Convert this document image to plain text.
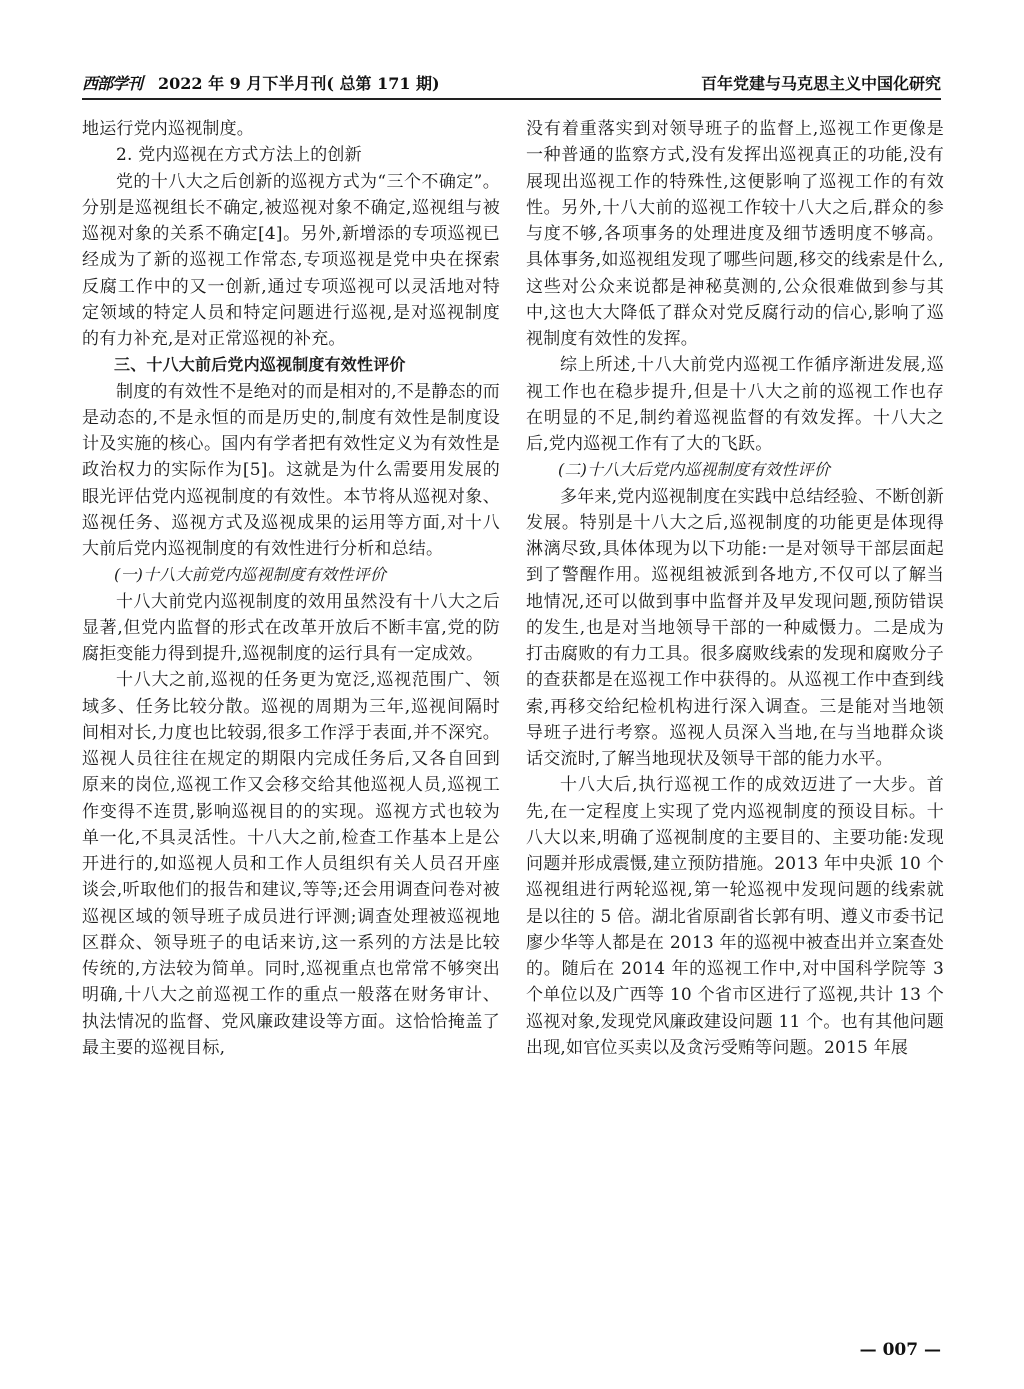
西部学刊 2022 年 9 月下半月刊( 总第 171 期)	百年党建与马克思主义中国化研究

地运行党内巡视制度。

2. 党内巡视在方式方法上的创新

党的十八大之后创新的巡视方式为“三个不确定”。分别是巡视组长不确定,被巡视对象不确定,巡视组与被巡视对象的关系不确定[4]。另外,新增添的专项巡视已经成为了新的巡视工作常态,专项巡视是党中央在探索反腐工作中的又一创新,通过专项巡视可以灵活地对特定领域的特定人员和特定问题进行巡视,是对巡视制度的有力补充,是对正常巡视的补充。

三、十八大前后党内巡视制度有效性评价

制度的有效性不是绝对的而是相对的,不是静态的而是动态的,不是永恒的而是历史的,制度有效性是制度设计及实施的核心。国内有学者把有效性定义为有效性是政治权力的实际作为[5]。这就是为什么需要用发展的眼光评估党内巡视制度的有效性。本节将从巡视对象、巡视任务、巡视方式及巡视成果的运用等方面,对十八大前后党内巡视制度的有效性进行分析和总结。

(一)十八大前党内巡视制度有效性评价

十八大前党内巡视制度的效用虽然没有十八大之后显著,但党内监督的形式在改革开放后不断丰富,党的防腐拒变能力得到提升,巡视制度的运行具有一定成效。

十八大之前,巡视的任务更为宽泛,巡视范围广、领域多、任务比较分散。巡视的周期为三年,巡视间隔时间相对长,力度也比较弱,很多工作浮于表面,并不深究。巡视人员往往在规定的期限内完成任务后,又各自回到原来的岗位,巡视工作又会移交给其他巡视人员,巡视工作变得不连贯,影响巡视目的的实现。巡视方式也较为单一化,不具灵活性。十八大之前,检查工作基本上是公开进行的,如巡视人员和工作人员组织有关人员召开座谈会,听取他们的报告和建议,等等;还会用调查问卷对被巡视区域的领导班子成员进行评测;调查处理被巡视地区群众、领导班子的电话来访,这一系列的方法是比较传统的,方法较为简单。同时,巡视重点也常常不够突出明确,十八大之前巡视工作的重点一般落在财务审计、执法情况的监督、党风廉政建设等方面。这恰恰掩盖了最主要的巡视目标,

没有着重落实到对领导班子的监督上,巡视工作更像是一种普通的监察方式,没有发挥出巡视真正的功能,没有展现出巡视工作的特殊性,这便影响了巡视工作的有效性。另外,十八大前的巡视工作较十八大之后,群众的参与度不够,各项事务的处理进度及细节透明度不够高。具体事务,如巡视组发现了哪些问题,移交的线索是什么,这些对公众来说都是神秘莫测的,公众很难做到参与其中,这也大大降低了群众对党反腐行动的信心,影响了巡视制度有效性的发挥。

综上所述,十八大前党内巡视工作循序渐进发展,巡视工作也在稳步提升,但是十八大之前的巡视工作也存在明显的不足,制约着巡视监督的有效发挥。十八大之后,党内巡视工作有了大的飞跃。

(二)十八大后党内巡视制度有效性评价

多年来,党内巡视制度在实践中总结经验、不断创新发展。特别是十八大之后,巡视制度的功能更是体现得淋漓尽致,具体体现为以下功能:一是对领导干部层面起到了警醒作用。巡视组被派到各地方,不仅可以了解当地情况,还可以做到事中监督并及早发现问题,预防错误的发生,也是对当地领导干部的一种威慑力。二是成为打击腐败的有力工具。很多腐败线索的发现和腐败分子的查获都是在巡视工作中获得的。从巡视工作中查到线索,再移交给纪检机构进行深入调查。三是能对当地领导班子进行考察。巡视人员深入当地,在与当地群众谈话交流时,了解当地现状及领导干部的能力水平。

十八大后,执行巡视工作的成效迈进了一大步。首先,在一定程度上实现了党内巡视制度的预设目标。十八大以来,明确了巡视制度的主要目的、主要功能:发现问题并形成震慑,建立预防措施。2013 年中央派 10 个巡视组进行两轮巡视,第一轮巡视中发现问题的线索就是以往的 5 倍。湖北省原副省长郭有明、遵义市委书记廖少华等人都是在 2013 年的巡视中被查出并立案查处的。随后在 2014 年的巡视工作中,对中国科学院等 3 个单位以及广西等 10 个省市区进行了巡视,共计 13 个巡视对象,发现党风廉政建设问题 11 个。也有其他问题出现,如官位买卖以及贪污受贿等问题。2015 年展

— 007 —
